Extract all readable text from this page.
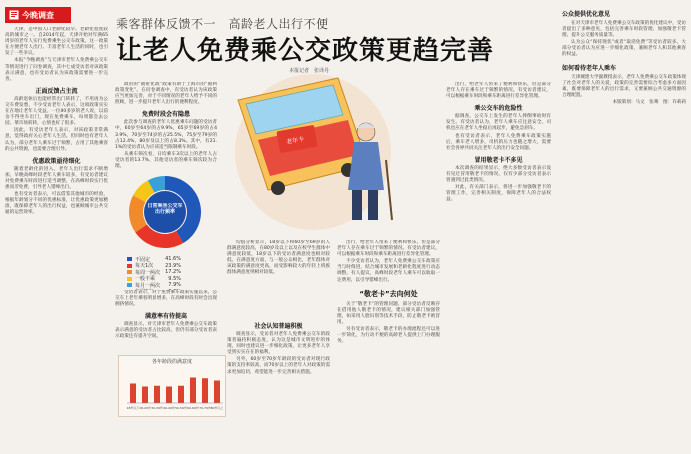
今晚调查
乘客群体反馈不一　高龄老人出行不便
让老人免费乘公交政策更趋完善
本报记者　张译丹

天津，是中国人口老龄化较早、老龄化程度较高的城市之一。自2014年起，天津开始对年满65周岁的老年人实行免费乘坐公交车政策。这一政策在方便老年人出行、丰富老年人生活的同时，也引发了一些争议。

本报“今晚调查”与天津市老年人免费乘公交车等情况进行了问卷调查，其中七成受访者对该政策表示满意，也有受访者认为该政策需要进一步完善。

正面反馈占主流

高龄退休后也能经常出门转转了，不用再为公交车费发愁，不少受访老年人表示，这项政策实实在在地让老年人受益。一位80多岁的老人说，以前舍不得坐车出门，现在免费乘车，每周都会去公园、菜市场转转，心情也好了很多。

因此，有受访老年人表示，对该政策非常满意，觉得政府关心老年人生活。但同时也有老年人认为，部分老年人乘车过于频繁，占用了其他乘客的公共资源，也需要合理引导。

优惠政策亟待细化

随着老龄化的进入，老年人出行需求不断增加，早晚高峰时段老年人乘车较多，有受访者建议对免费乘车时段进行适当调整，在高峰时段实行优惠而非免费，引导老人错峰出行。

也有受访者表示，可以借鉴其他城市的经验，根据年龄划分不同的优惠标准，让优惠政策更加精准，既保障老年人的出行权益，也兼顾城市公共交通的运营效率。

政府的“福祉化政”政策有助于上海市的“福利政策变化”。在问卷调查中，有受访者认为该政策应当更加完善，对于不同情况的老年人给予不同的照顾，进一步提升老年人出行的便利程度。

免费时段会有隐患

此次参与调查的老年人优惠乘车问题的受访者中，60岁至64岁的占9.9%，65岁至69岁的占43.9%，70岁至74岁的占25.5%，75岁至79岁的占12.4%，80岁及以上的占8.3%。其中，有21.1%的受访者认为应该适当限制乘车时段。

从乘车频次看，日均乘车3次以上的老年人占受访者的13.7%，其他受访者的乘车频次较为合理。

受访者表示，对于免费乘车政策实施以来，公交车上老年乘客明显增多，在高峰时段有时会出现拥挤情况。

满意率有待提高

调查显示，对天津市老年人免费乘公交车政策表示满意的受访者占比较高，但仍有部分受访者表示政策还有提升空间。

老年卡
日常乘坐公交车出行频率
不固定	41.6%
每天1次	23.9%
每周一两次	17.2%
一般不乘	9.5%
每月一两次	7.9%

均值分析显示，18岁以下和60岁至69岁的人群满意度较高，在80岁及以上以及在校学生群体中满意度较低，18岁以下的受访者满意度也相对较低。在满意度方面，与一般公众相比，老年群体对该政策的满意度更高，而受影响较大的年轻上班族群体满意度则相对较低。

各年龄段的满意度
18岁以下 18-29岁 30-39岁 40-49岁 50-59岁 60-69岁 70-79岁 80岁以上
社会认知普遍积极

调查显示，受访者对老年人免费乘公交车的政策普遍持积极态度，认为这是城市文明进步的体现，同时也建议进一步细化政策，让更多老年人享受到实实在在的福利。

另外，60岁至70岁年龄段的受访者对现行政策的支持率较高，而70岁以上的老年人对政策的需求更加迫切，希望能进一步完善相关措施。

出行，给老年人带来了便利和快乐，但是部分老年人存在乘车过于频繁的情况。有受访者建议，可以根据乘车时段和乘车距离进行差异化管理。

不少受访者认为，老年人免费乘公交车政策应当与时俱进，结合城市发展和老龄化程度进行动态调整。有人提议，高峰时段老年人乘车可以收取一定费用，以引导错峰出行。

“敬老卡”去向何处

关于“敬老卡”的管理问题，部分受访者反映存在借用他人敬老卡的情况，建议相关部门加强管理，如采用人脸识别等技术手段，防止敬老卡被冒用。

另有受访者表示，敬老卡的办理流程还可以进一步简化，为行动不便的高龄老人提供上门办理服务。

出行，给老年人带来了便利和快乐，但是部分老年人存在乘车过于频繁的情况。有受访者建议，可以根据乘车时段和乘车距离进行差异化管理。

乘公交车的危险性

据调查，公交车上发生的老年人摔倒事故时有发生。有受访者认为，老年人乘车应注意安全，司机也应在老年人坐稳后再起步，避免急刹车。

也有受访者表示，老年人免费乘车政策实施后，乘车老人增多，司机的压力也随之增大，需要社会各界共同关注老年人的出行安全问题。

冒用敬老卡不多见

本次调查的结果显示，绝大多数受访者表示没有见过冒用敬老卡的情况，仅有少部分受访者表示曾遇到过此类情况。

对此，有关部门表示，将进一步加强敬老卡的管理工作，完善相关制度，保障老年人的合法权益。

公众提供优化意见

在对天津市老年人免费乘公交车政策的优化建议中，受访者提出了多种意见，包括完善乘车时段管理、加强敬老卡管理、提升公交服务质量等。

认为公众“保持现状”或者“取消免费”等受访者较多。大部分受访者认为应进一步细化政策，兼顾老年人和其他乘客的权益。

如何看待老年人乘车

天津城建大学副教授表示，老年人免费乘公交车政策体现了社会对老年人的关爱，政策的完善需要综合考虑多方面因素，既要保障老年人的出行需求，又要兼顾公共交通资源的合理配置。

本版策划：马文　张骞　图：许莉莉
